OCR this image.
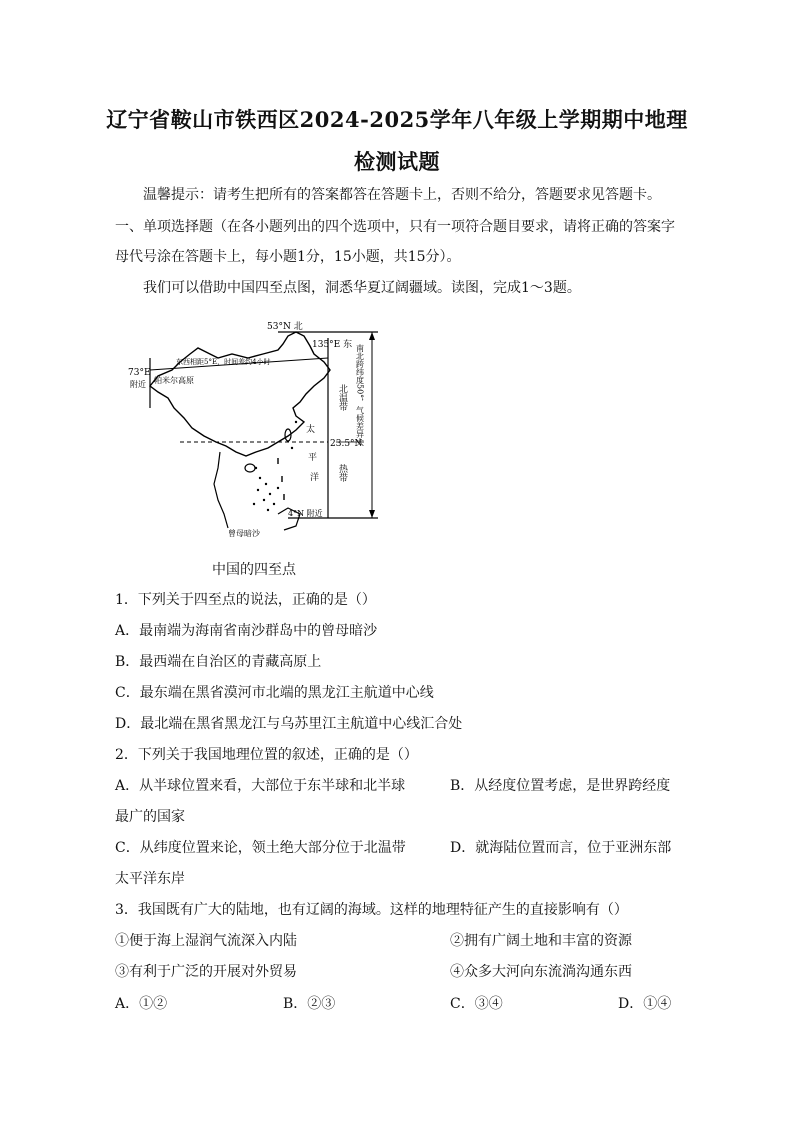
辽宁省鞍山市铁西区2024-2025学年八年级上学期期中地理
检测试题
温馨提示：请考生把所有的答案都答在答题卡上，否则不给分，答题要求见答题卡。
一、单项选择题（在各小题列出的四个选项中，只有一项符合题目要求，请将正确的答案字
母代号涂在答题卡上，每小题1分，15小题，共15分）。
我们可以借助中国四至点图，洞悉华夏辽阔疆域。读图，完成1～3题。
53°N 北
135°E 东
73°E
附近 帕米尔高原
东西相距5°E，时间差约4小时
23.5°N
4°N 附近
曾母暗沙
太
平
洋
北温带
热带
南北跨纬度50°，气候差异大
中国的四至点
1．下列关于四至点的说法，正确的是（）
A．最南端为海南省南沙群岛中的曾母暗沙
B．最西端在自治区的青藏高原上
C．最东端在黑省漠河市北端的黑龙江主航道中心线
D．最北端在黑省黑龙江与乌苏里江主航道中心线汇合处
2．下列关于我国地理位置的叙述，正确的是（）
A．从半球位置来看，大部位于东半球和北半球	B．从经度位置考虑，是世界跨经度
最广的国家
C．从纬度位置来论，领土绝大部分位于北温带	D．就海陆位置而言，位于亚洲东部
太平洋东岸
3．我国既有广大的陆地，也有辽阔的海域。这样的地理特征产生的直接影响有（）
①便于海上湿润气流深入内陆	②拥有广阔土地和丰富的资源
③有利于广泛的开展对外贸易	④众多大河向东流淌沟通东西
A．①②	B．②③	C．③④	D．①④
